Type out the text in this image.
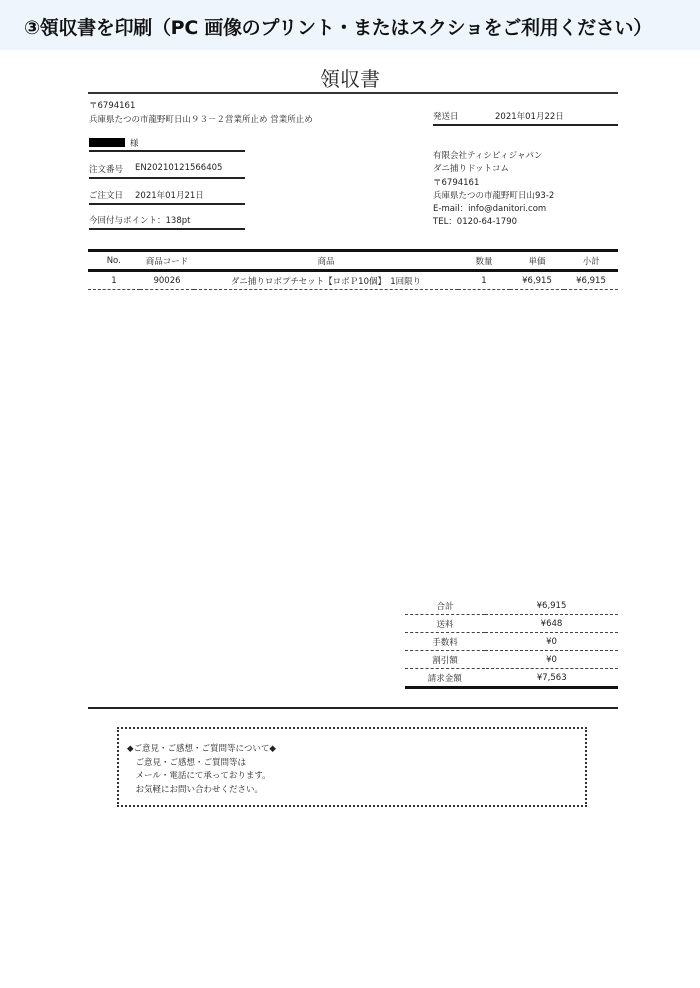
③領収書を印刷（PC 画像のプリント・またはスクショをご利用ください）
領収書
〒6794161
兵庫県たつの市龍野町日山９３－２営業所止め 営業所止め	発送日	2021年01月22日
様
注文番号 EN20210121566405
ご注文日 2021年01月21日
今回付与ポイント：138pt
有限会社ティシピィジャパン
ダニ捕りドットコム
〒6794161
兵庫県たつの市龍野町日山93-2
E-mail：info@danitori.com
TEL：0120-64-1790
No.	商品コード	商品	数量	単価	小計
1	90026	ダニ捕りロボプチセット【ロボＰ10個】　1回限り	1	¥6,915	¥6,915
合計	¥6,915
送料	¥648
手数料	¥0
割引額	¥0
請求金額	¥7,563
◆ご意見・ご感想・ご質問等について◆
　ご意見・ご感想・ご質問等は
　メール・電話にて承っております。
　お気軽にお問い合わせください。
